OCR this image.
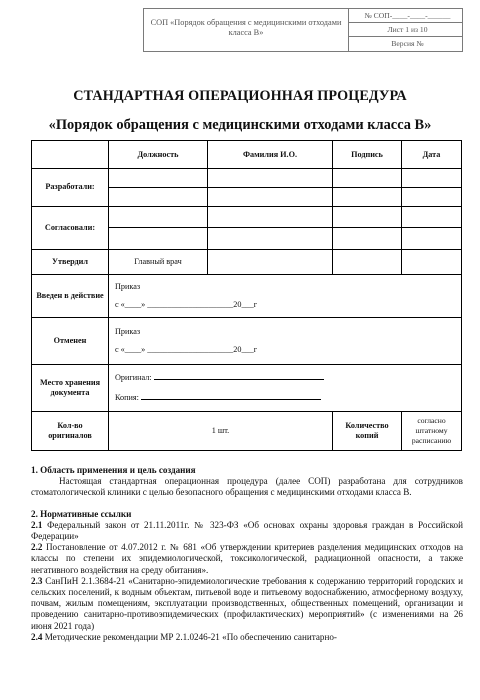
СОП «Порядок обращения с медицинскими отходами класса В»
№ СОП-____-____-______
Лист 1 из 10
Версия №
СТАНДАРТНАЯ ОПЕРАЦИОННАЯ ПРОЦЕДУРА
«Порядок обращения с медицинскими отходами класса В»
	Должность	Фамилия И.О.	Подпись	Дата
Разработали:				

Согласовали:				

Утвердил	Главный врач			
Введен в действие	Приказ
с «____» _____________________20___г			

Отменен	Приказ
с «____» _____________________20___г			

Место хранения документа	Оригинал:
Копия:			

Кол-во оригиналов	1 шт.		Количество копий	согласно штатному расписанию

1. Область применения и цель создания

Настоящая стандартная операционная процедура (далее СОП) разработана для сотрудников стоматологической клиники с целью безопасного обращения с медицинскими отходами класса В.

2. Нормативные ссылки

2.1 Федеральный закон от 21.11.2011г. № 323-ФЗ «Об основах охраны здоровья граждан в Российской Федерации»

2.2 Постановление от 4.07.2012 г. № 681 «Об утверждении критериев разделения медицинских отходов на классы по степени их эпидемиологической, токсикологической, радиационной опасности, а также негативного воздействия на среду обитания».

2.3 СанПиН 2.1.3684-21 «Санитарно-эпидемиологические требования к содержанию территорий городских и сельских поселений, к водным объектам, питьевой воде и питьевому водоснабжению, атмосферному воздуху, почвам, жилым помещениям, эксплуатации производственных, общественных помещений, организации и проведению санитарно-противоэпидемических (профилактических) мероприятий» (с изменениями на 26 июня 2021 года)

2.4 Методические рекомендации МР 2.1.0246-21 «По обеспечению санитарно-
